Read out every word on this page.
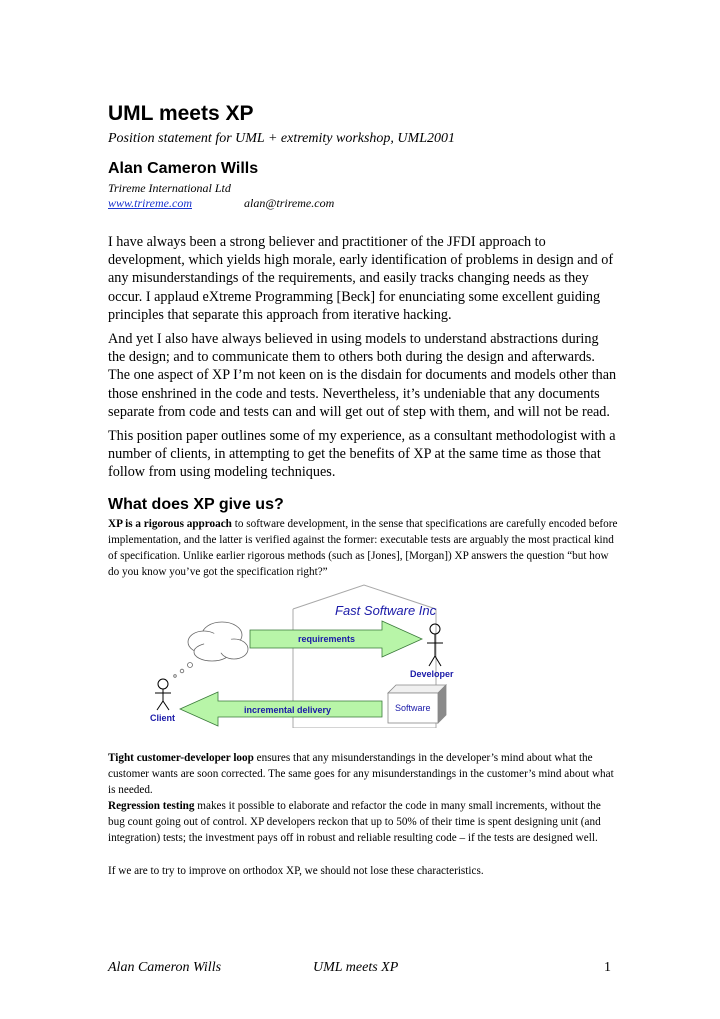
UML meets XP
Position statement for UML + extremity workshop, UML2001
Alan Cameron Wills
Trireme International Ltd
www.trireme.com	alan@trireme.com

I have always been a strong believer and practitioner of the JFDI approach to development, which yields high morale, early identification of problems in design and of any misunderstandings of the requirements, and easily tracks changing needs as they occur. I applaud eXtreme Programming [Beck] for enunciating some excellent guiding principles that separate this approach from iterative hacking.

And yet I also have always believed in using models to understand abstractions during the design; and to communicate them to others both during the design and afterwards. The one aspect of XP I’m not keen on is the disdain for documents and models other than those enshrined in the code and tests. Nevertheless, it’s undeniable that any documents separate from code and tests can and will get out of step with them, and will not be read.

This position paper outlines some of my experience, as a consultant methodologist with a number of clients, in attempting to get the benefits of XP at the same time as those that follow from using modeling techniques.

What does XP give us?

XP is a rigorous approach to software development, in the sense that specifications are carefully encoded before implementation, and the latter is verified against the former: executable tests are arguably the most practical kind of specification. Unlike earlier rigorous methods (such as [Jones], [Morgan]) XP answers the question “but how do you know you’ve got the specification right?”

Fast Software Inc
requirements
Developer
Software
Client
incremental delivery

Tight customer-developer loop ensures that any misunderstandings in the developer’s mind about what the customer wants are soon corrected. The same goes for any misunderstandings in the customer’s mind about what is needed.

Regression testing makes it possible to elaborate and refactor the code in many small increments, without the bug count going out of control. XP developers reckon that up to 50% of their time is spent designing unit (and integration) tests; the investment pays off in robust and reliable resulting code – if the tests are designed well.

If we are to try to improve on orthodox XP, we should not lose these characteristics.

Alan Cameron Wills	UML meets XP	1
